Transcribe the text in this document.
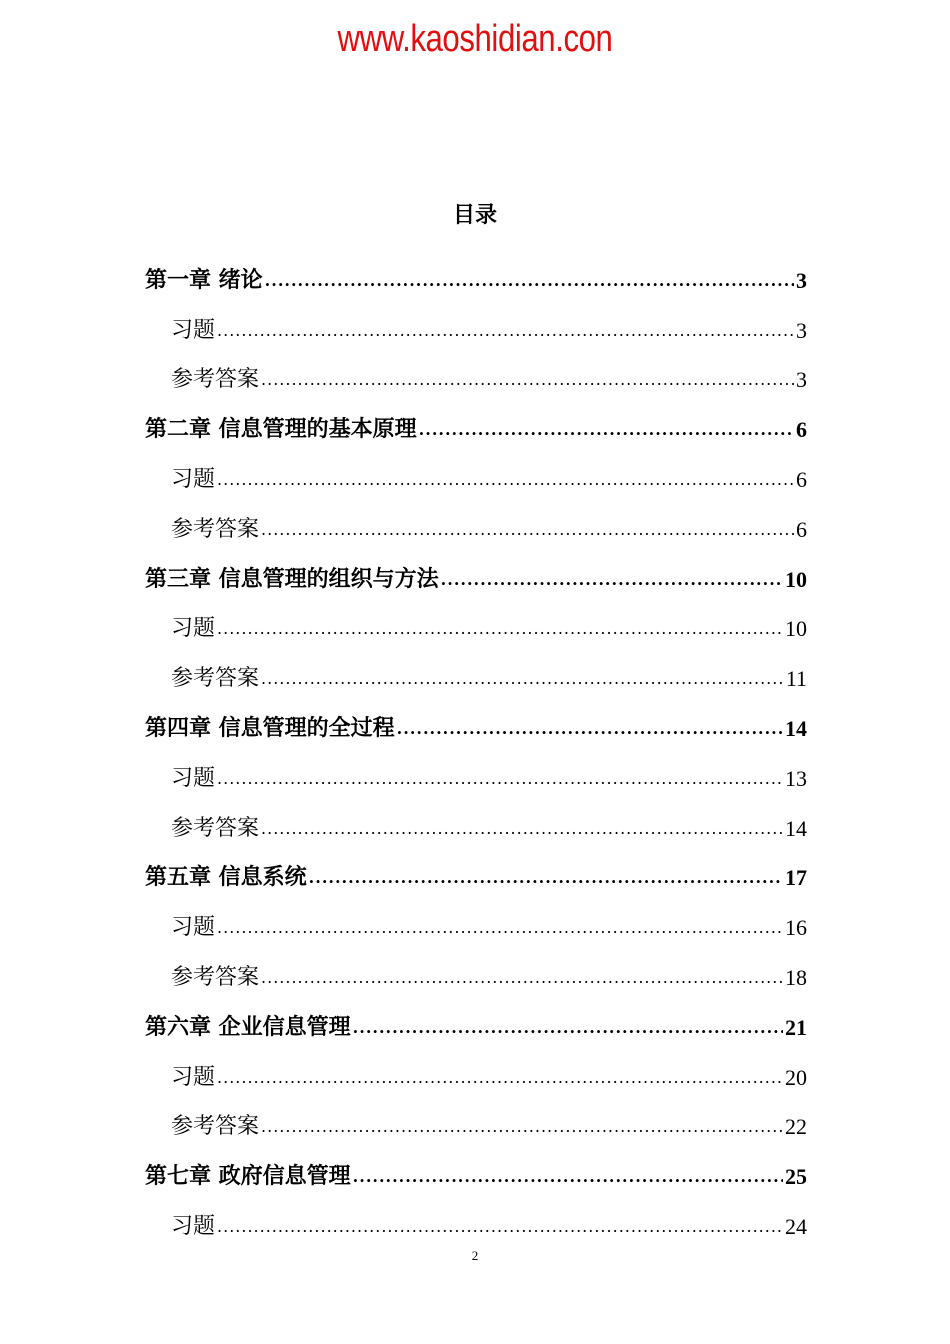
www.kaoshidian.con
目录
第一章 绪论 .....	3
习题 .....	3
参考答案 .....	3
第二章 信息管理的基本原理 .....	6
习题 .....	6
参考答案 .....	6
第三章 信息管理的组织与方法 .....	10
习题 .....	10
参考答案 .....	11
第四章 信息管理的全过程 .....	14
习题 .....	13
参考答案 .....	14
第五章 信息系统 .....	17
习题 .....	16
参考答案 .....	18
第六章 企业信息管理 .....	21
习题 .....	20
参考答案 .....	22
第七章 政府信息管理 .....	25
习题 .....	24
2
